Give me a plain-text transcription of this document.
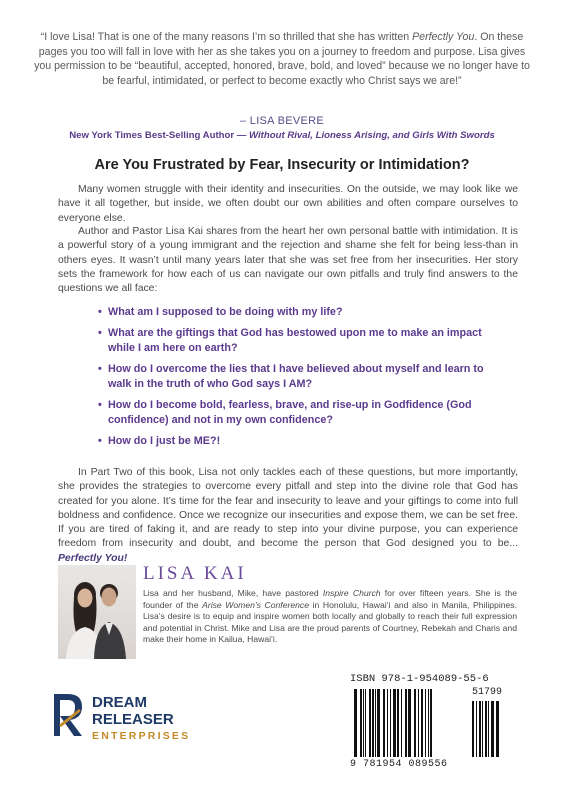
“I love Lisa! That is one of the many reasons I’m so thrilled that she has written Perfectly You. On these pages you too will fall in love with her as she takes you on a journey to freedom and purpose. Lisa gives you permission to be “beautiful, accepted, honored, brave, bold, and loved” because we no longer have to be fearful, intimidated, or perfect to become exactly who Christ says we are!”
– LISA BEVERE
New York Times Best-Selling Author — Without Rival, Lioness Arising, and Girls With Swords
Are You Frustrated by Fear, Insecurity or Intimidation?
Many women struggle with their identity and insecurities. On the outside, we may look like we have it all together, but inside, we often doubt our own abilities and often compare ourselves to everyone else.
Author and Pastor Lisa Kai shares from the heart her own personal battle with intimidation. It is a powerful story of a young immigrant and the rejection and shame she felt for being less-than in others eyes. It wasn’t until many years later that she was set free from her insecurities. Her story sets the framework for how each of us can navigate our own pitfalls and truly find answers to the questions we all face:
• What am I supposed to be doing with my life?
• What are the giftings that God has bestowed upon me to make an impact while I am here on earth?
• How do I overcome the lies that I have believed about myself and learn to walk in the truth of who God says I AM?
• How do I become bold, fearless, brave, and rise-up in Godfidence (God confidence) and not in my own confidence?
• How do I just be ME?!
In Part Two of this book, Lisa not only tackles each of these questions, but more importantly, she provides the strategies to overcome every pitfall and step into the divine role that God has created for you alone. It’s time for the fear and insecurity to leave and your giftings to come into full boldness and confidence. Once we recognize our insecurities and expose them, we can be set free. If you are tired of faking it, and are ready to step into your divine purpose, you can experience freedom from insecurity and doubt, and become the person that God designed you to be... Perfectly You!
LISA KAI
Lisa and her husband, Mike, have pastored Inspire Church for over fifteen years. She is the founder of the Arise Women’s Conference in Honolulu, Hawai‘i and also in Manila, Philippines. Lisa’s desire is to equip and inspire women both locally and globally to reach their full expression and potential in Christ. Mike and Lisa are the proud parents of Courtney, Rebekah and Charis and make their home in Kailua, Hawai‘i.
DREAM
RELEASER
ENTERPRISES
ISBN 978-1-954089-55-6
51799
9 781954 089556
